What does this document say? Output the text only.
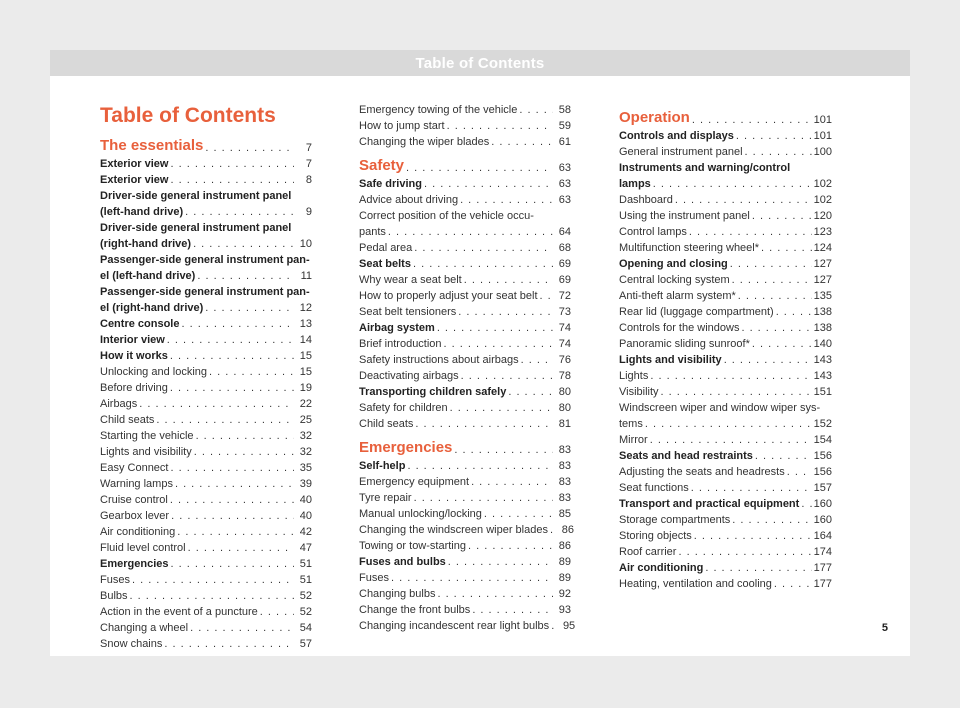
Table of Contents
Table of Contents
The essentials . . .	7
Exterior view . . .	7
Exterior view . . .	8
Driver-side general instrument panel
(left-hand drive) . . .	9
Driver-side general instrument panel
(right-hand drive) . . .	10
Passenger-side general instrument pan-
el (left-hand drive) . . .	11
Passenger-side general instrument pan-
el (right-hand drive) . . .	12
Centre console . . .	13
Interior view . . .	14
How it works . . .	15
Unlocking and locking . . .	15
Before driving . . .	19
Airbags . . .	22
Child seats . . .	25
Starting the vehicle . . .	32
Lights and visibility . . .	32
Easy Connect . . .	35
Warning lamps . . .	39
Cruise control . . .	40
Gearbox lever . . .	40
Air conditioning . . .	42
Fluid level control . . .	47
Emergencies . . .	51
Fuses . . .	51
Bulbs . . .	52
Action in the event of a puncture . . .	52
Changing a wheel . . .	54
Snow chains . . .	57
Emergency towing of the vehicle . . .	58
How to jump start . . .	59
Changing the wiper blades . . .	61
Safety . . .	63
Safe driving . . .	63
Advice about driving . . .	63
Correct position of the vehicle occu-
pants . . .	64
Pedal area . . .	68
Seat belts . . .	69
Why wear a seat belt . . .	69
How to properly adjust your seat belt . . .	72
Seat belt tensioners . . .	73
Airbag system . . .	74
Brief introduction . . .	74
Safety instructions about airbags . . .	76
Deactivating airbags . . .	78
Transporting children safely . . .	80
Safety for children . . .	80
Child seats . . .	81
Emergencies . . .	83
Self-help . . .	83
Emergency equipment . . .	83
Tyre repair . . .	83
Manual unlocking/locking . . .	85
Changing the windscreen wiper blades . . .	86
Towing or tow-starting . . .	86
Fuses and bulbs . . .	89
Fuses . . .	89
Changing bulbs . . .	92
Change the front bulbs . . .	93
Changing incandescent rear light bulbs . . .	95
Operation . . .	101
Controls and displays . . .	101
General instrument panel . . .	100
Instruments and warning/control
lamps . . .	102
Dashboard . . .	102
Using the instrument panel . . .	120
Control lamps . . .	123
Multifunction steering wheel* . . .	124
Opening and closing . . .	127
Central locking system . . .	127
Anti-theft alarm system* . . .	135
Rear lid (luggage compartment) . . .	138
Controls for the windows . . .	138
Panoramic sliding sunroof* . . .	140
Lights and visibility . . .	143
Lights . . .	143
Visibility . . .	151
Windscreen wiper and window wiper sys-
tems . . .	152
Mirror . . .	154
Seats and head restraints . . .	156
Adjusting the seats and headrests . . .	156
Seat functions . . .	157
Transport and practical equipment . . . 160
Storage compartments . . .	160
Storing objects . . .	164
Roof carrier . . .	174
Air conditioning . . .	177
Heating, ventilation and cooling . . .	177
5
